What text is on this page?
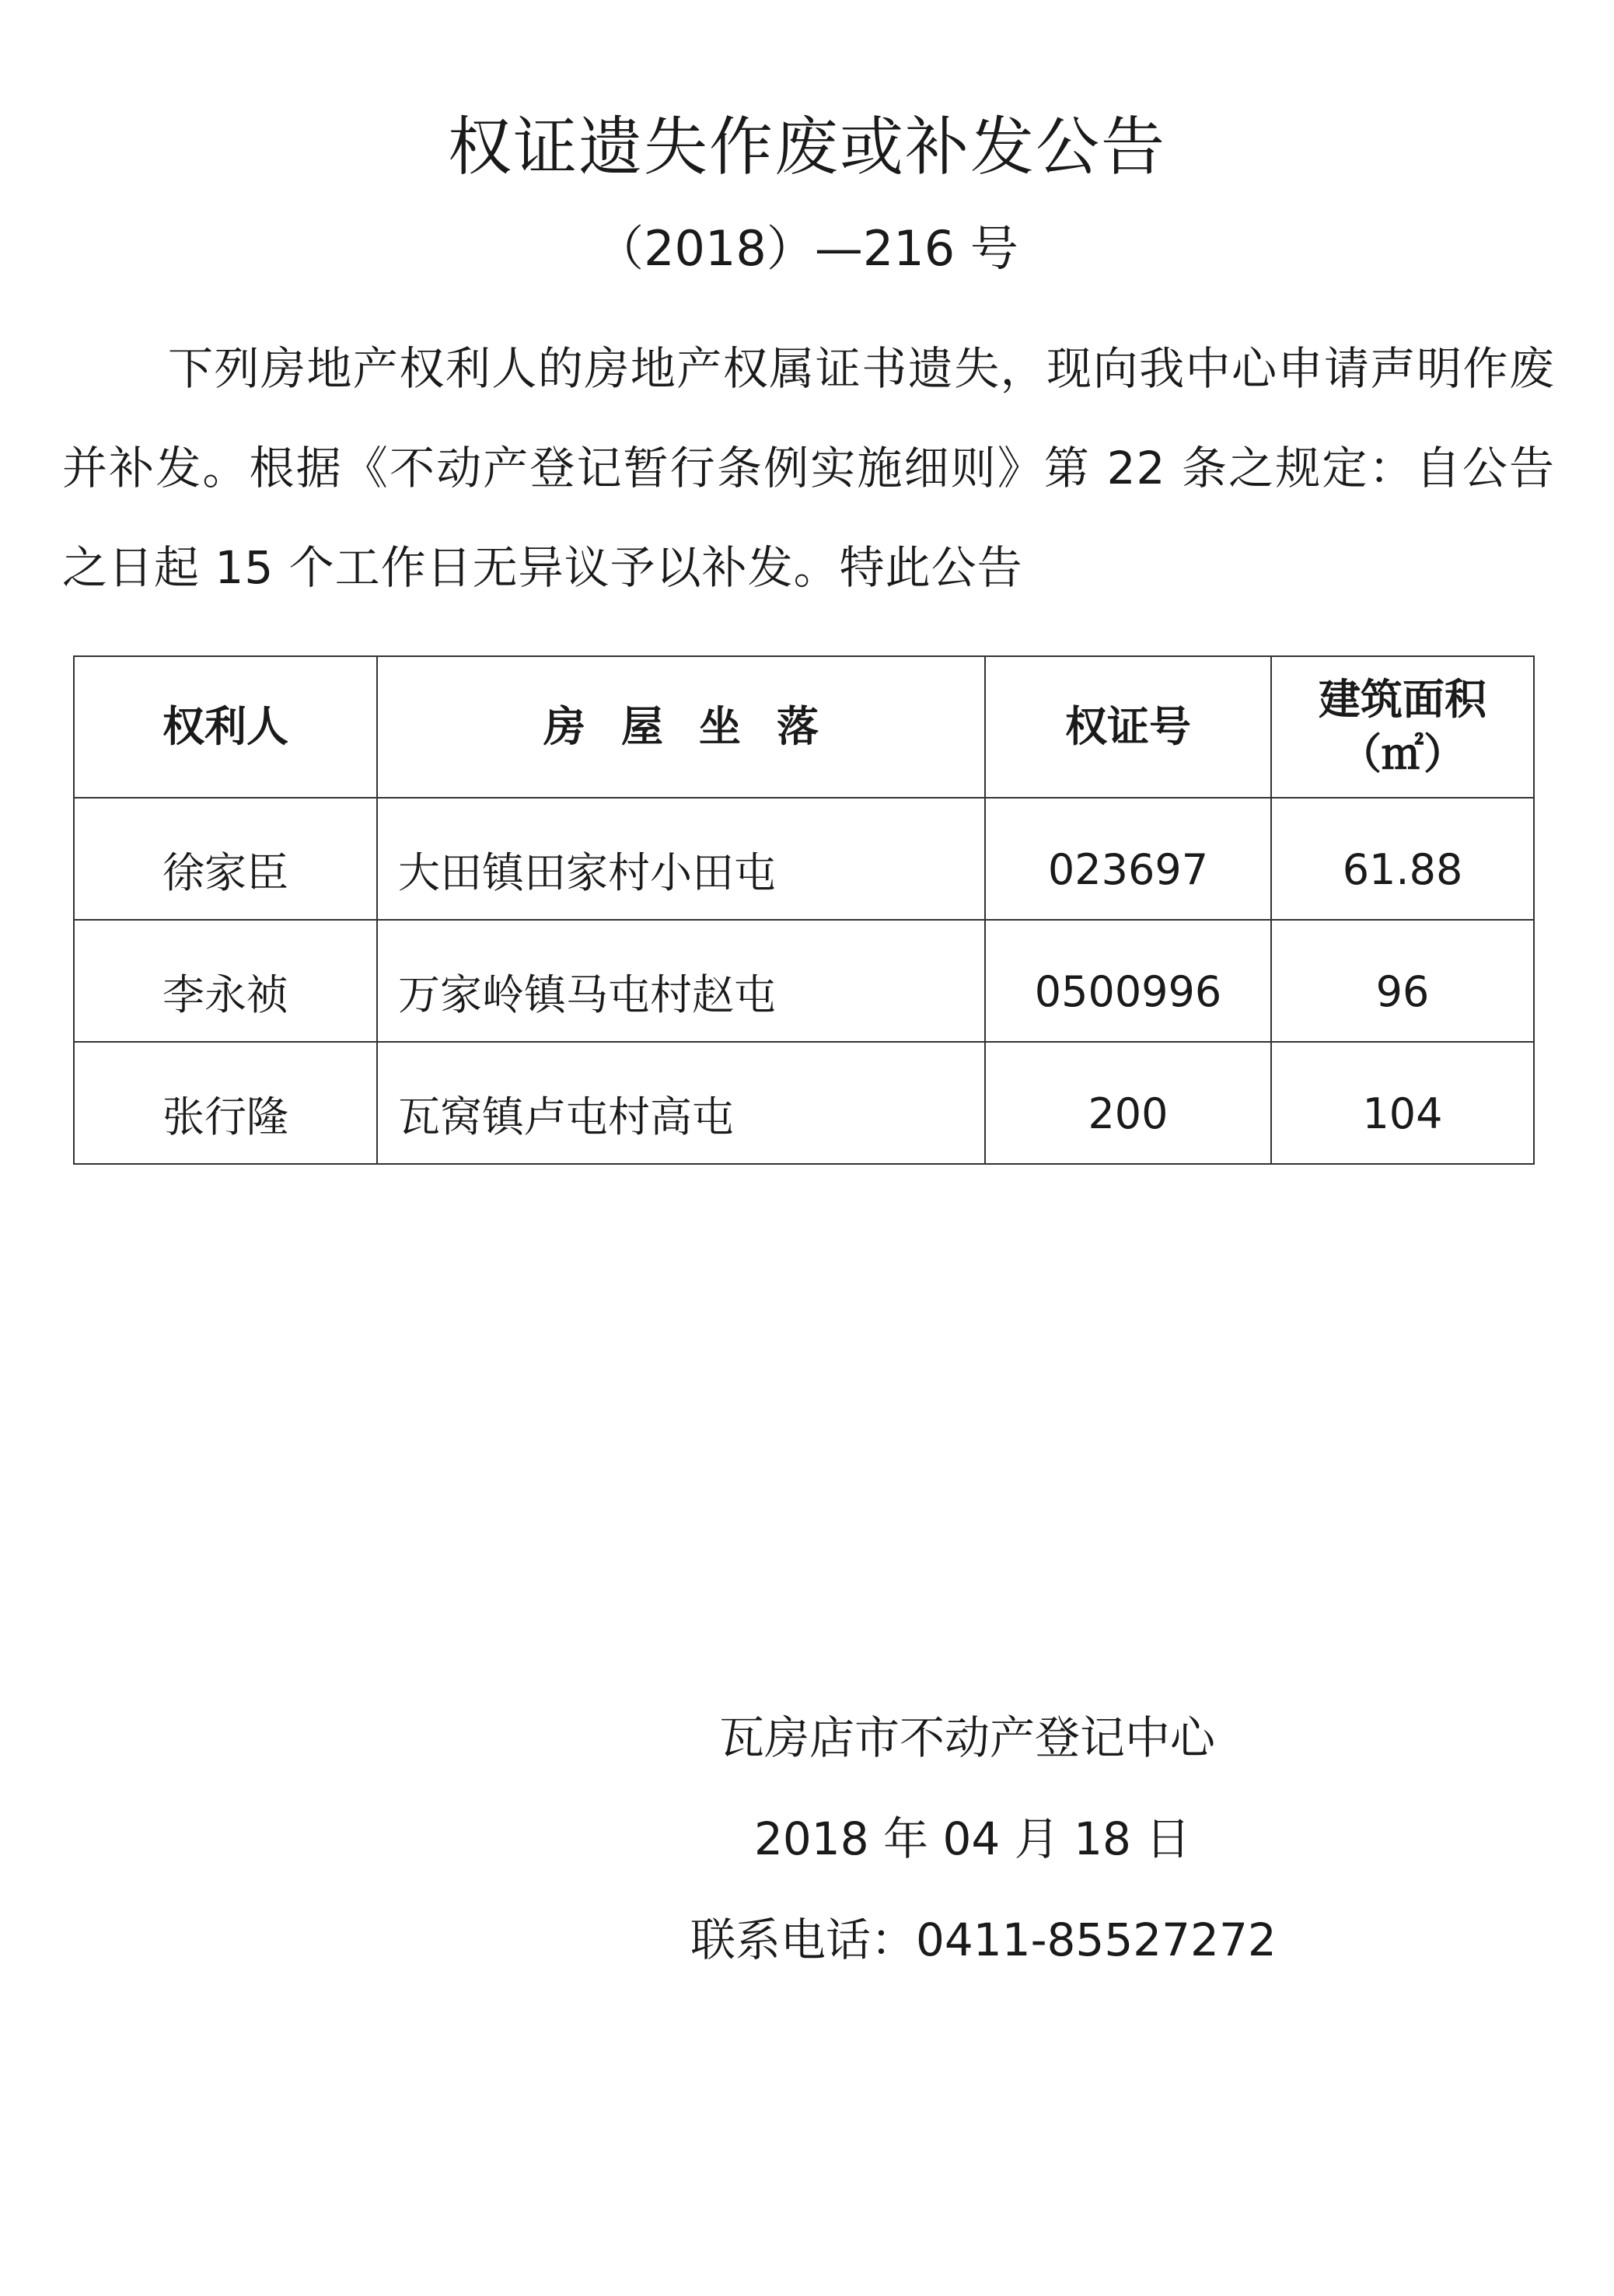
权证遗失作废或补发公告
（2018）—216 号
下列房地产权利人的房地产权属证书遗失，现向我中心申请声明作废并补发。根据《不动产登记暂行条例实施细则》第 22 条之规定：自公告之日起 15 个工作日无异议予以补发。特此公告
权利人	房屋坐落	权证号	建筑面积
（㎡）

徐家臣	大田镇田家村小田屯	023697	61.88
李永祯	万家岭镇马屯村赵屯	0500996	96
张行隆	瓦窝镇卢屯村高屯	200	104
瓦房店市不动产登记中心
2018 年 04 月 18 日
联系电话：0411-85527272
